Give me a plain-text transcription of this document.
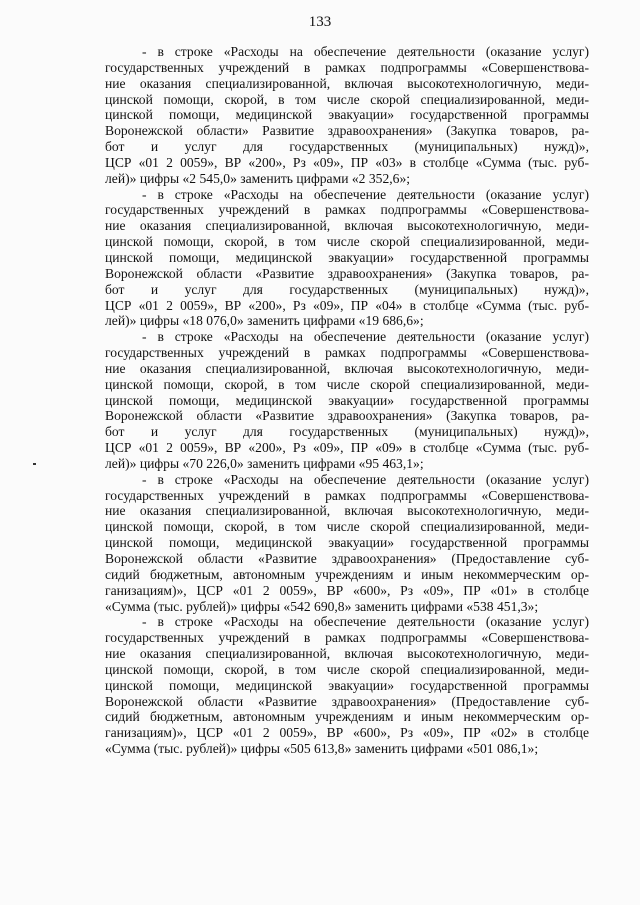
133
- в строке «Расходы на обеспечение деятельности (оказание услуг)
государственных учреждений в рамках подпрограммы «Совершенствова-
ние оказания специализированной, включая высокотехнологичную, меди-
цинской помощи, скорой, в том числе скорой специализированной, меди-
цинской помощи, медицинской эвакуации» государственной программы
Воронежской области» Развитие здравоохранения» (Закупка товаров, ра-
бот и услуг для государственных (муниципальных) нужд)»,
ЦСР «01 2 0059», ВР «200», Рз «09», ПР «03» в столбце «Сумма (тыс. руб-
лей)» цифры «2 545,0» заменить цифрами «2 352,6»;
- в строке «Расходы на обеспечение деятельности (оказание услуг)
государственных учреждений в рамках подпрограммы «Совершенствова-
ние оказания специализированной, включая высокотехнологичную, меди-
цинской помощи, скорой, в том числе скорой специализированной, меди-
цинской помощи, медицинской эвакуации» государственной программы
Воронежской области «Развитие здравоохранения» (Закупка товаров, ра-
бот и услуг для государственных (муниципальных) нужд)»,
ЦСР «01 2 0059», ВР «200», Рз «09», ПР «04» в столбце «Сумма (тыс. руб-
лей)» цифры «18 076,0» заменить цифрами «19 686,6»;
- в строке «Расходы на обеспечение деятельности (оказание услуг)
государственных учреждений в рамках подпрограммы «Совершенствова-
ние оказания специализированной, включая высокотехнологичную, меди-
цинской помощи, скорой, в том числе скорой специализированной, меди-
цинской помощи, медицинской эвакуации» государственной программы
Воронежской области «Развитие здравоохранения» (Закупка товаров, ра-
бот и услуг для государственных (муниципальных) нужд)»,
ЦСР «01 2 0059», ВР «200», Рз «09», ПР «09» в столбце «Сумма (тыс. руб-
лей)» цифры «70 226,0» заменить цифрами «95 463,1»;
- в строке «Расходы на обеспечение деятельности (оказание услуг)
государственных учреждений в рамках подпрограммы «Совершенствова-
ние оказания специализированной, включая высокотехнологичную, меди-
цинской помощи, скорой, в том числе скорой специализированной, меди-
цинской помощи, медицинской эвакуации» государственной программы
Воронежской области «Развитие здравоохранения» (Предоставление суб-
сидий бюджетным, автономным учреждениям и иным некоммерческим ор-
ганизациям)», ЦСР «01 2 0059», ВР «600», Рз «09», ПР «01» в столбце
«Сумма (тыс. рублей)» цифры «542 690,8» заменить цифрами «538 451,3»;
- в строке «Расходы на обеспечение деятельности (оказание услуг)
государственных учреждений в рамках подпрограммы «Совершенствова-
ние оказания специализированной, включая высокотехнологичную, меди-
цинской помощи, скорой, в том числе скорой специализированной, меди-
цинской помощи, медицинской эвакуации» государственной программы
Воронежской области «Развитие здравоохранения» (Предоставление суб-
сидий бюджетным, автономным учреждениям и иным некоммерческим ор-
ганизациям)», ЦСР «01 2 0059», ВР «600», Рз «09», ПР «02» в столбце
«Сумма (тыс. рублей)» цифры «505 613,8» заменить цифрами «501 086,1»;
